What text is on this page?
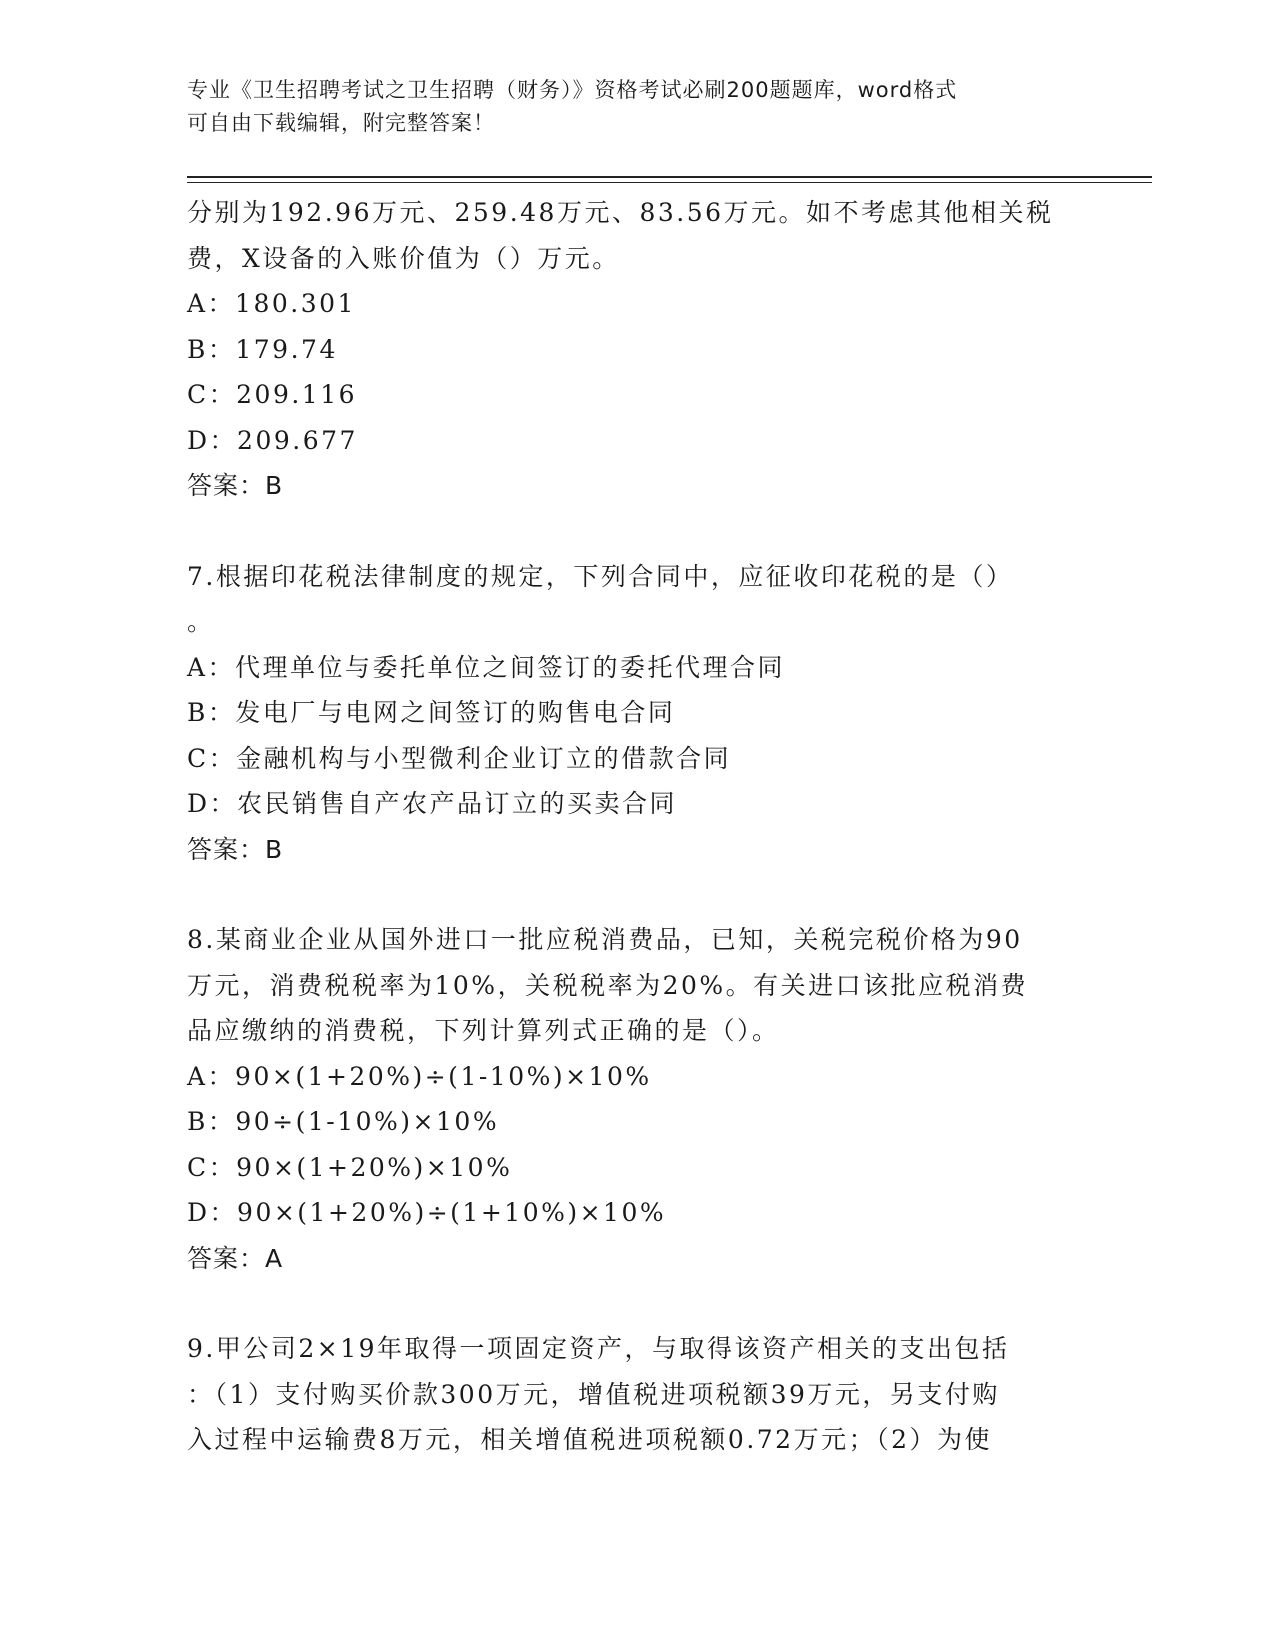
专业《卫生招聘考试之卫生招聘（财务）》资格考试必刷200题题库，word格式
可自由下载编辑，附完整答案！
分别为192.96万元、259.48万元、83.56万元。如不考虑其他相关税
费，X设备的入账价值为（）万元。
A：180.301
B：179.74
C：209.116
D：209.677
答案：B
7.根据印花税法律制度的规定，下列合同中，应征收印花税的是（）
。
A：代理单位与委托单位之间签订的委托代理合同
B：发电厂与电网之间签订的购售电合同
C：金融机构与小型微利企业订立的借款合同
D：农民销售自产农产品订立的买卖合同
答案：B
8.某商业企业从国外进口一批应税消费品，已知，关税完税价格为90
万元，消费税税率为10%，关税税率为20%。有关进口该批应税消费
品应缴纳的消费税，下列计算列式正确的是（）。
A：90×(1+20%)÷(1-10%)×10%
B：90÷(1-10%)×10%
C：90×(1+20%)×10%
D：90×(1+20%)÷(1+10%)×10%
答案：A
9.甲公司2×19年取得一项固定资产，与取得该资产相关的支出包括
：（1）支付购买价款300万元，增值税进项税额39万元，另支付购
入过程中运输费8万元，相关增值税进项税额0.72万元；（2）为使
